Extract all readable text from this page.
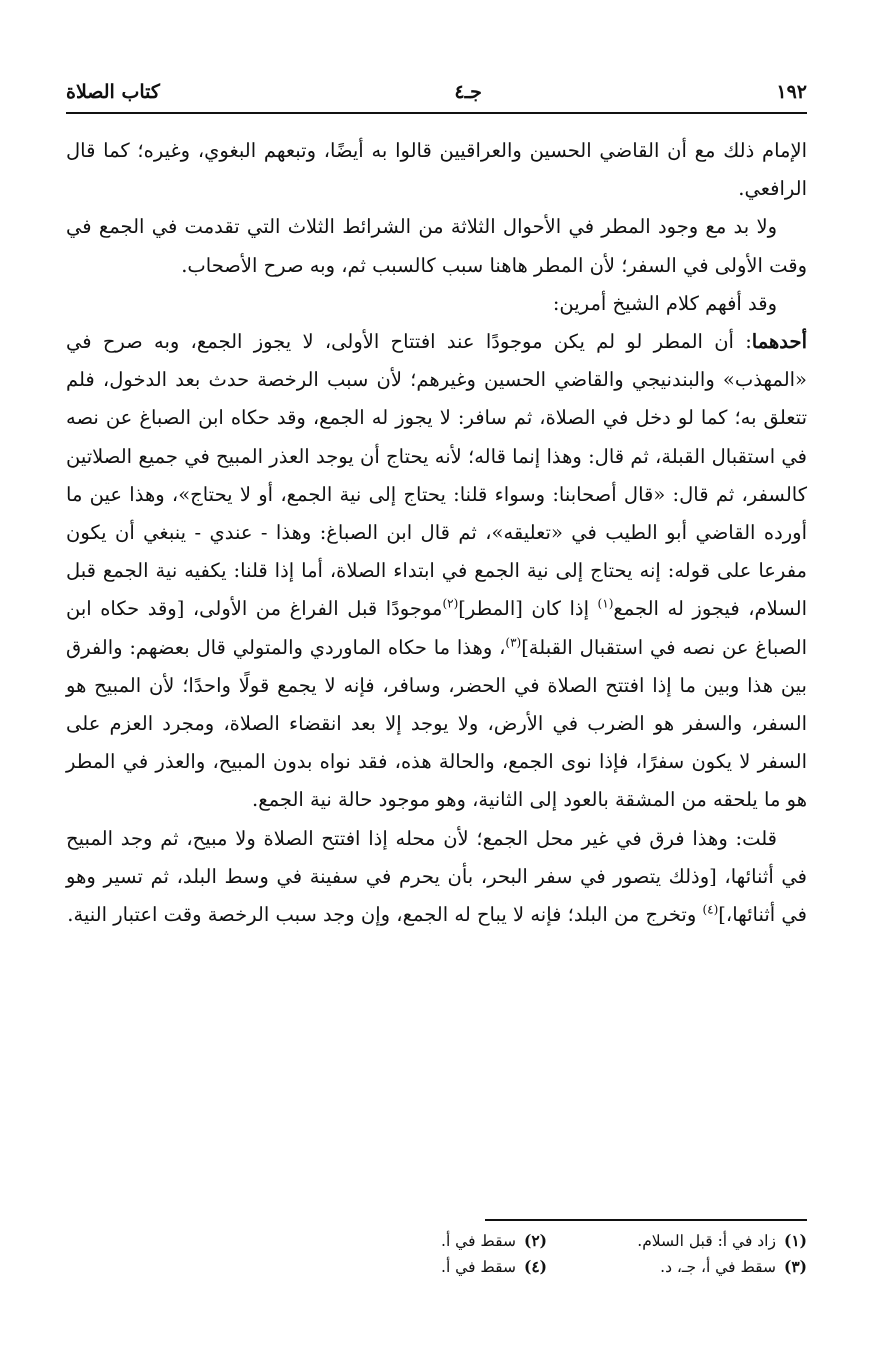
١٩٢
جـ٤
كتاب الصلاة

الإمام ذلك مع أن القاضي الحسين والعراقيين قالوا به أيضًا، وتبعهم البغوي، وغيره؛ كما قال الرافعي.

ولا بد مع وجود المطر في الأحوال الثلاثة من الشرائط الثلاث التي تقدمت في الجمع في وقت الأولى في السفر؛ لأن المطر هاهنا سبب كالسبب ثم، وبه صرح الأصحاب.

وقد أفهم كلام الشيخ أمرين:

أحدهما: أن المطر لو لم يكن موجودًا عند افتتاح الأولى، لا يجوز الجمع، وبه صرح في «المهذب» والبندنيجي والقاضي الحسين وغيرهم؛ لأن سبب الرخصة حدث بعد الدخول، فلم تتعلق به؛ كما لو دخل في الصلاة، ثم سافر: لا يجوز له الجمع، وقد حكاه ابن الصباغ عن نصه في استقبال القبلة، ثم قال: وهذا إنما قاله؛ لأنه يحتاج أن يوجد العذر المبيح في جميع الصلاتين كالسفر، ثم قال: «قال أصحابنا: وسواء قلنا: يحتاج إلى نية الجمع، أو لا يحتاج»، وهذا عين ما أورده القاضي أبو الطيب في «تعليقه»، ثم قال ابن الصباغ: وهذا - عندي - ينبغي أن يكون مفرعا على قوله: إنه يحتاج إلى نية الجمع في ابتداء الصلاة، أما إذا قلنا: يكفيه نية الجمع قبل السلام، فيجوز له الجمع$^{(١)}$ إذا كان [المطر]$^{(٢)}$موجودًا قبل الفراغ من الأولى، [وقد حكاه ابن الصباغ عن نصه في استقبال القبلة]$^{(٣)}$، وهذا ما حكاه الماوردي والمتولي قال بعضهم: والفرق بين هذا وبين ما إذا افتتح الصلاة في الحضر، وسافر، فإنه لا يجمع قولًا واحدًا؛ لأن المبيح هو السفر، والسفر هو الضرب في الأرض، ولا يوجد إلا بعد انقضاء الصلاة، ومجرد العزم على السفر لا يكون سفرًا، فإذا نوى الجمع، والحالة هذه، فقد نواه بدون المبيح، والعذر في المطر هو ما يلحقه من المشقة بالعود إلى الثانية، وهو موجود حالة نية الجمع.

قلت: وهذا فرق في غير محل الجمع؛ لأن محله إذا افتتح الصلاة ولا مبيح، ثم وجد المبيح في أثنائها، [وذلك يتصور في سفر البحر، بأن يحرم في سفينة في وسط البلد، ثم تسير وهو في أثنائها،]$^{(٤)}$ وتخرج من البلد؛ فإنه لا يباح له الجمع، وإن وجد سبب الرخصة وقت اعتبار النية.

(١)زاد في أ: قبل السلام.
(٢)سقط في أ.
(٣)سقط في أ، جـ، د.
(٤)سقط في أ.
